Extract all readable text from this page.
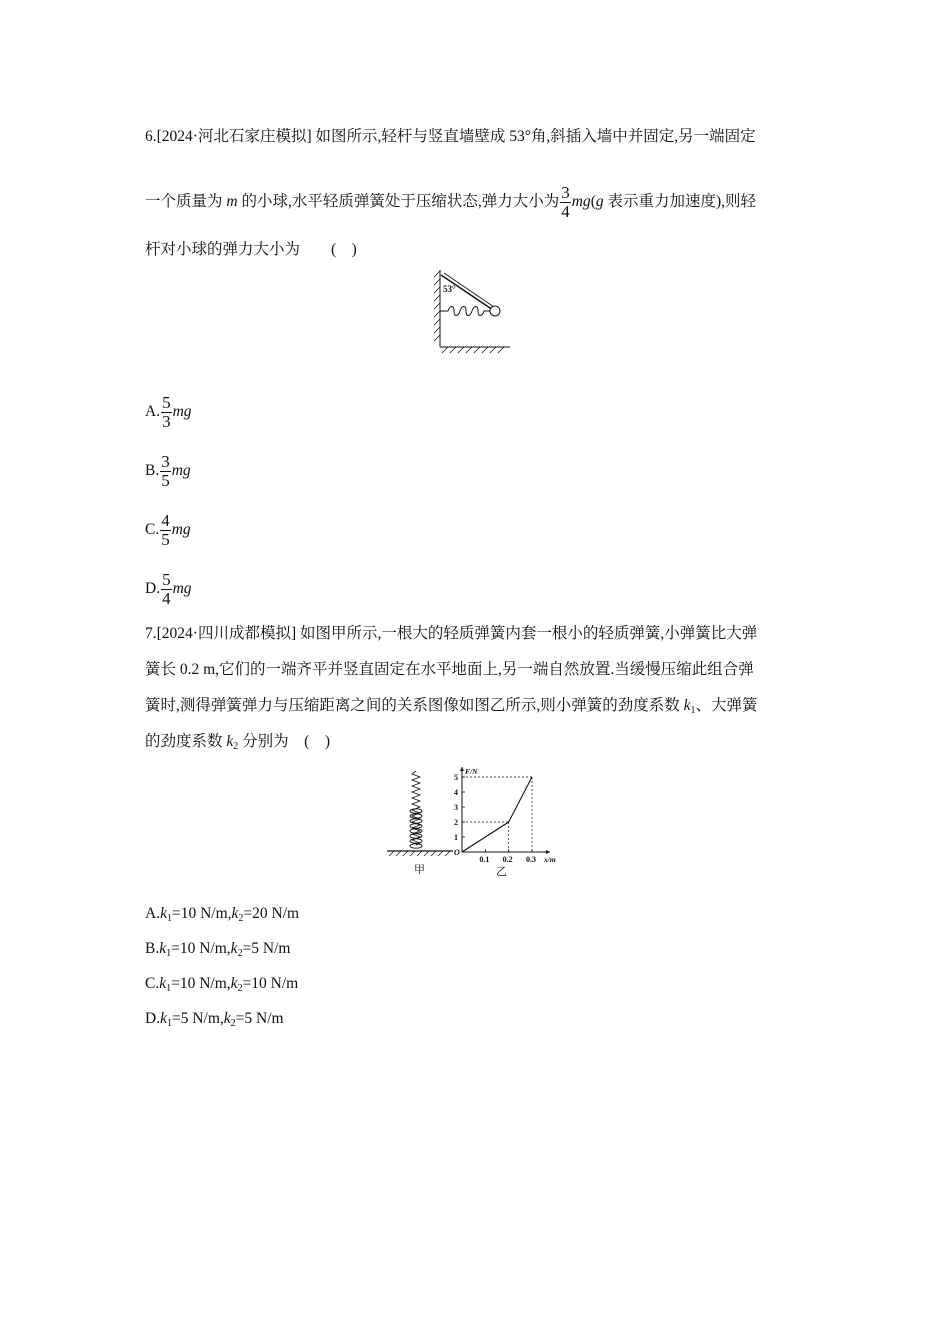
6.[2024·河北石家庄模拟] 如图所示,轻杆与竖直墙壁成 53°角,斜插入墙中并固定,另一端固定
一个质量为 m 的小球,水平轻质弹簧处于压缩状态,弹力大小为 $\frac{3}{4} mg(g$ 表示重力加速度),则轻
杆对小球的弹力大小为　　(　)
53°
A. $\frac{5}{3}$ mg
B. $\frac{3}{5}$ mg
C. $\frac{4}{5}$ mg
D. $\frac{5}{4}$ mg
7.[2024·四川成都模拟] 如图甲所示,一根大的轻质弹簧内套一根小的轻质弹簧,小弹簧比大弹
簧长 0.2 m,它们的一端齐平并竖直固定在水平地面上,另一端自然放置.当缓慢压缩此组合弹
簧时,测得弹簧弹力与压缩距离之间的关系图像如图乙所示,则小弹簧的劲度系数 $k_1$、大弹簧
的劲度系数 $k_2$ 分别为　(　)
甲
F/N
x/m
O
1
2
3
4
5
0.1 0.2 0.3
乙
$A.k_1=10$ $N/m,k_2=20$ N/m
$B.k_1=10$ $N/m,k_2=5$ N/m
$C.k_1=10$ $N/m,k_2=10$ N/m
$D.k_1=5$ $N/m,k_2=5$ N/m
